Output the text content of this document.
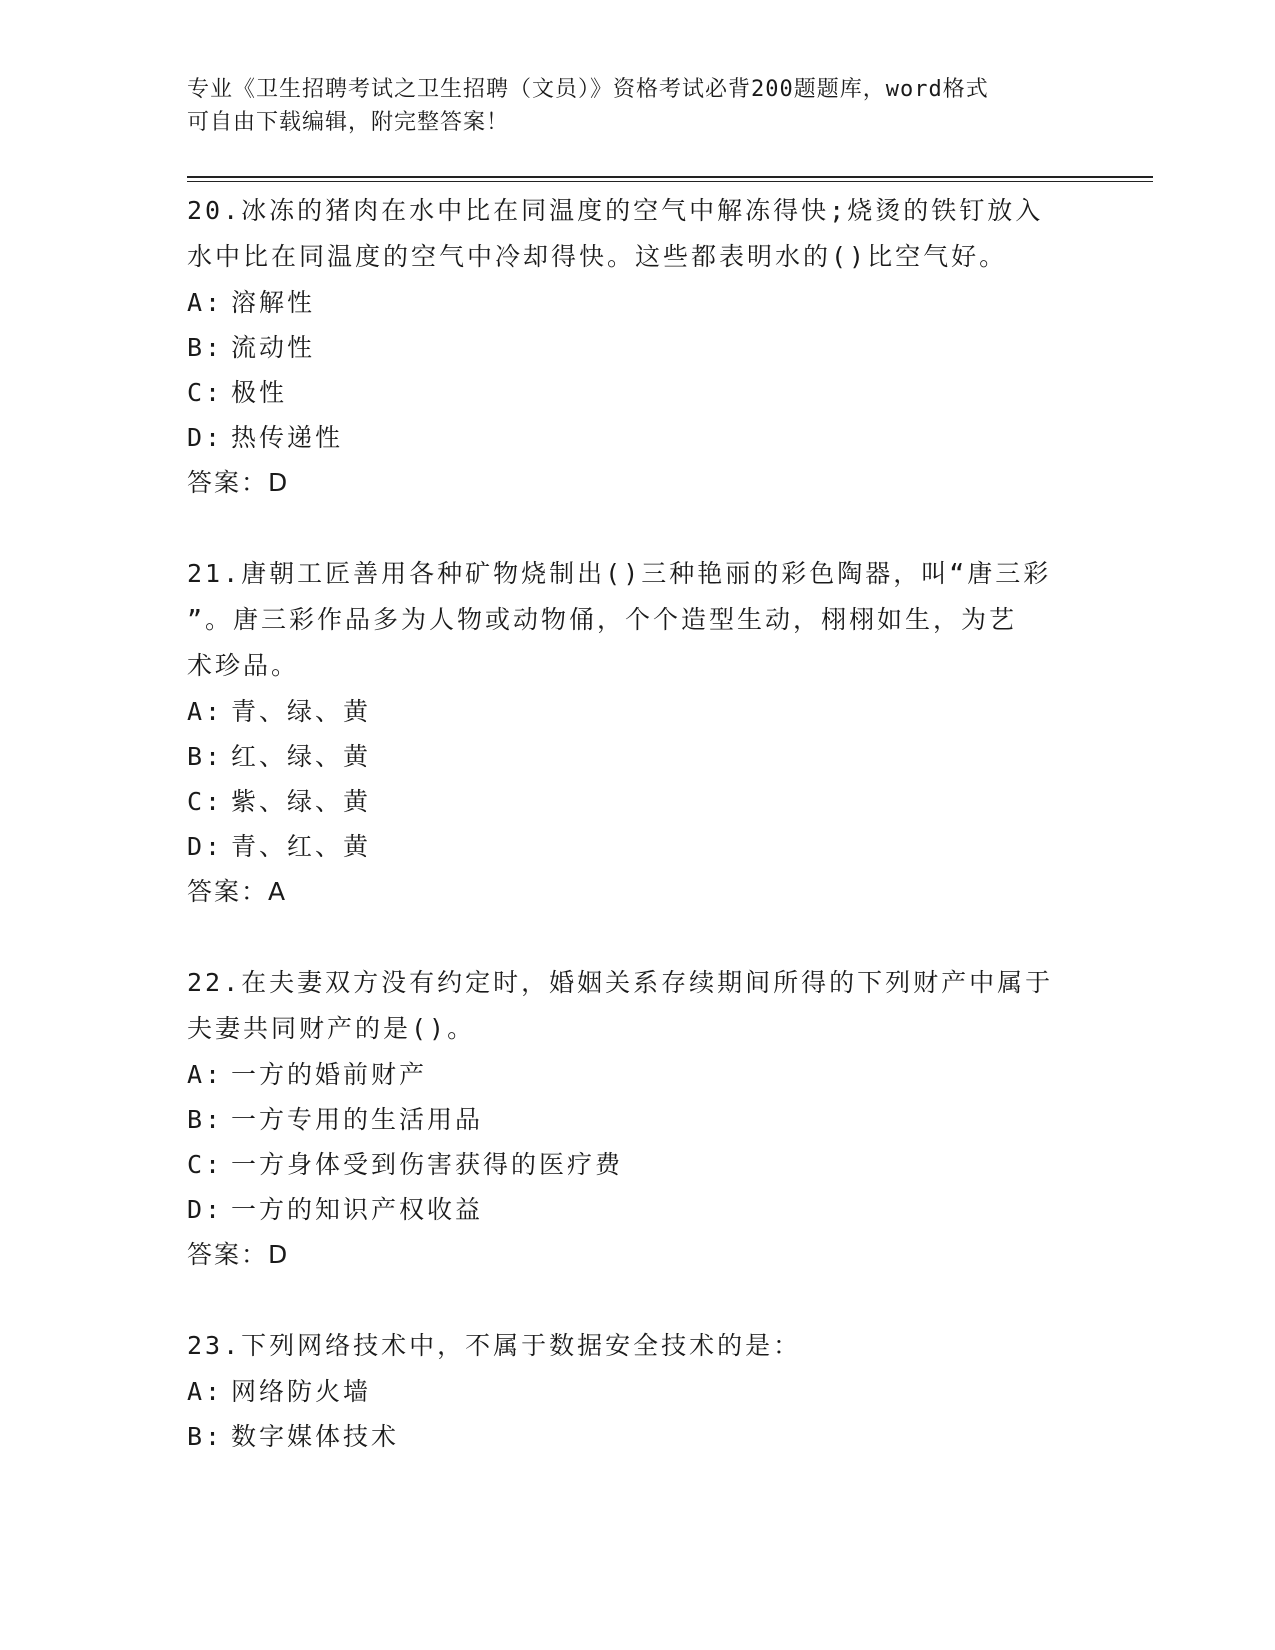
专业《卫生招聘考试之卫生招聘（文员）》资格考试必背200题题库，word格式
可自由下载编辑，附完整答案！
20.冰冻的猪肉在水中比在同温度的空气中解冻得快;烧烫的铁钉放入
水中比在同温度的空气中冷却得快。这些都表明水的()比空气好。
A: 溶解性
B: 流动性
C: 极性
D: 热传递性
答案：D
21.唐朝工匠善用各种矿物烧制出()三种艳丽的彩色陶器，叫“唐三彩
”。唐三彩作品多为人物或动物俑，个个造型生动，栩栩如生，为艺
术珍品。
A: 青、绿、黄
B: 红、绿、黄
C: 紫、绿、黄
D: 青、红、黄
答案：A
22.在夫妻双方没有约定时，婚姻关系存续期间所得的下列财产中属于
夫妻共同财产的是()。
A: 一方的婚前财产
B: 一方专用的生活用品
C: 一方身体受到伤害获得的医疗费
D: 一方的知识产权收益
答案：D
23.下列网络技术中，不属于数据安全技术的是：
A: 网络防火墙
B: 数字媒体技术
